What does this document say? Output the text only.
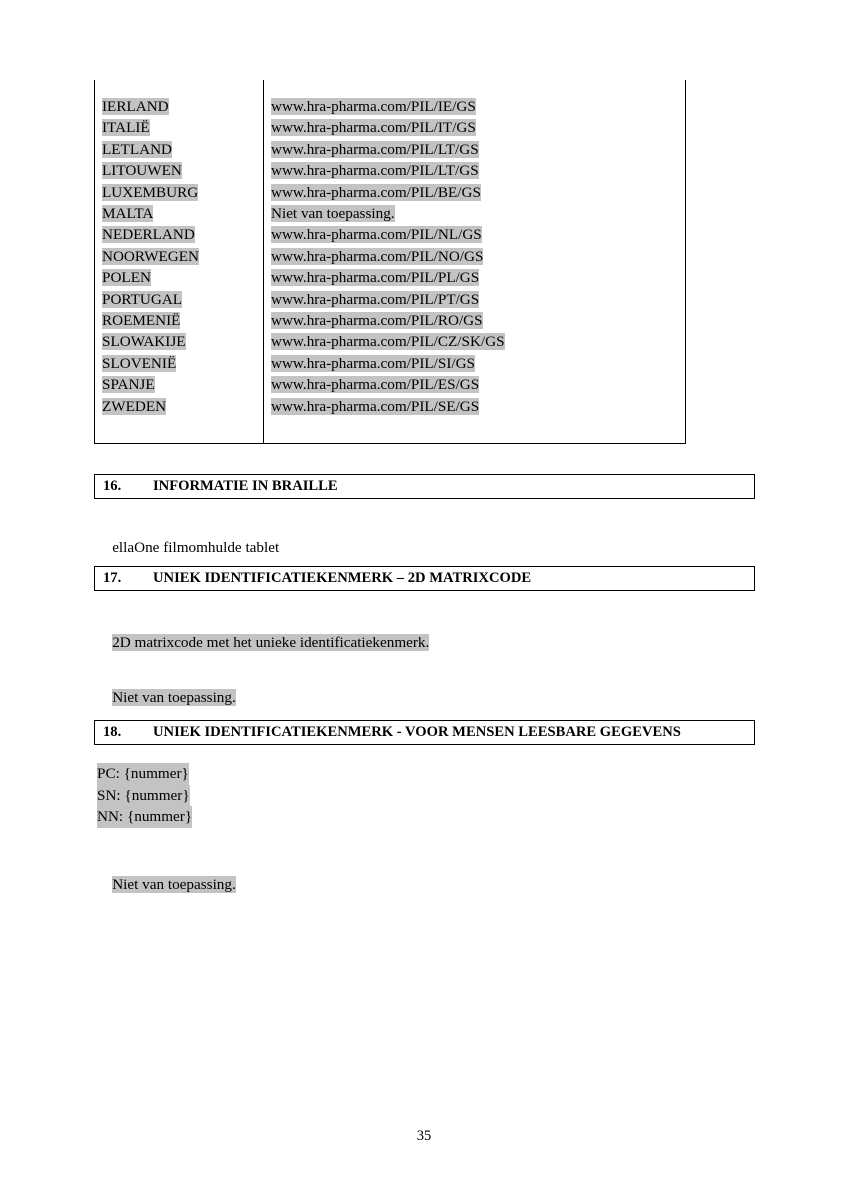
IERLAND	www.hra-pharma.com/PIL/IE/GS
ITALIË	www.hra-pharma.com/PIL/IT/GS
LETLAND	www.hra-pharma.com/PIL/LT/GS
LITOUWEN	www.hra-pharma.com/PIL/LT/GS
LUXEMBURG	www.hra-pharma.com/PIL/BE/GS
MALTA	Niet van toepassing.
NEDERLAND	www.hra-pharma.com/PIL/NL/GS
NOORWEGEN	www.hra-pharma.com/PIL/NO/GS
POLEN	www.hra-pharma.com/PIL/PL/GS
PORTUGAL	www.hra-pharma.com/PIL/PT/GS
ROEMENIË	www.hra-pharma.com/PIL/RO/GS
SLOWAKIJE	www.hra-pharma.com/PIL/CZ/SK/GS
SLOVENIË	www.hra-pharma.com/PIL/SI/GS
SPANJE	www.hra-pharma.com/PIL/ES/GS
ZWEDEN	www.hra-pharma.com/PIL/SE/GS

16. INFORMATIE IN BRAILLE

ellaOne filmomhulde tablet

17. UNIEK IDENTIFICATIEKENMERK – 2D MATRIXCODE

2D matrixcode met het unieke identificatiekenmerk.

Niet van toepassing.

18. UNIEK IDENTIFICATIEKENMERK - VOOR MENSEN LEESBARE GEGEVENS
PC: {nummer}
SN: {nummer}
NN: {nummer}

Niet van toepassing.

35
